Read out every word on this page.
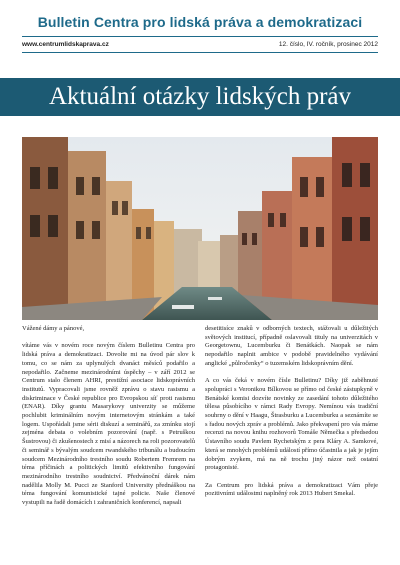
Bulletin Centra pro lidská práva a demokratizaci
www.centrumlidskaprava.cz	12. číslo, IV. ročník, prosinec 2012
Aktuální otázky lidských práv

Vážené dámy a pánové,

vítáme vás v novém roce novým číslem Bulletinu Centra pro lidská práva a demokratizaci. Dovolte mi na úvod pár slov k tomu, co se nám za uplynulých dvanáct měsíců podařilo a nepodařilo. Začneme mezinárodními úspěchy – v září 2012 se Centrum stalo členem AHRI, prestižní asociace lidskoprávních institutů. Vypracovali jsme rovněž zprávu o stavu rasismu a diskriminace v České republice pro Evropskou síť proti rasismu (ENAR). Díky grantu Masarykovy univerzity se můžeme pochlubit kriminálním novým internetovým stránkám a také logem. Uspořádali jsme sérii diskuzí a seminářů, za zmínku stojí zejména debata o volebním pozorování (např. s Petruškou Šustrovou) či zkušenostech z misí a názorech na roli pozorovatelů či seminář s bývalým soudcem rwandského tribunálu a budoucím soudcem Mezinárodního trestního soudu Robertem Fremrem na téma příčinách a politických limitů efektivního fungování mezinárodního trestního soudnictví. Předvánoční dárek nám nadělila Molly M. Pucci ze Stanford University přednáškou na téma fungování komunistické tajné policie. Naše členové vystupili na řadě domácích i zahraničních konferencí, napsali

desetitisíce znaků v odborných textech, stážovali u důležitých světových institucí, případně oslavovali tituly na univerzitách v Georgetownu, Lucemburku či Benátkách. Naopak se nám nepodařilo naplnit ambice v podobě pravidelného vydávání anglické „půlročenky“ o tuzemském lidskoprávním dění.

A co vás čeká v novém čísle Bulletinu? Díky již zaběhnuté spolupráci s Veronikou Bílkovou se přímo od české zástupkyně v Benátské komisi dozvíte novinky ze zasedání tohoto důležitého tělesa působícího v rámci Rady Evropy. Nemínou vás tradiční souhrny o dění v Haagu, Štrasburku a Lucemburku a seznámíte se s řadou nových zpráv a problémů. Jako překvapení pro vás máme recenzi na novou knihu rozhovorů Tomáše Němečka s předsedou Ústavního soudu Pavlem Rychetským z pera Kláry A. Samkové, která se mnohých problémů událostí přímo účastnila a jak je jejím dobrým zvykem, má na ně trochu jiný názor než ostatní protagonisté.

Za Centrum pro lidská práva a demokratizaci Vám přeje pozitivními událostmi naplněný rok 2013 Hubert Smekal.
